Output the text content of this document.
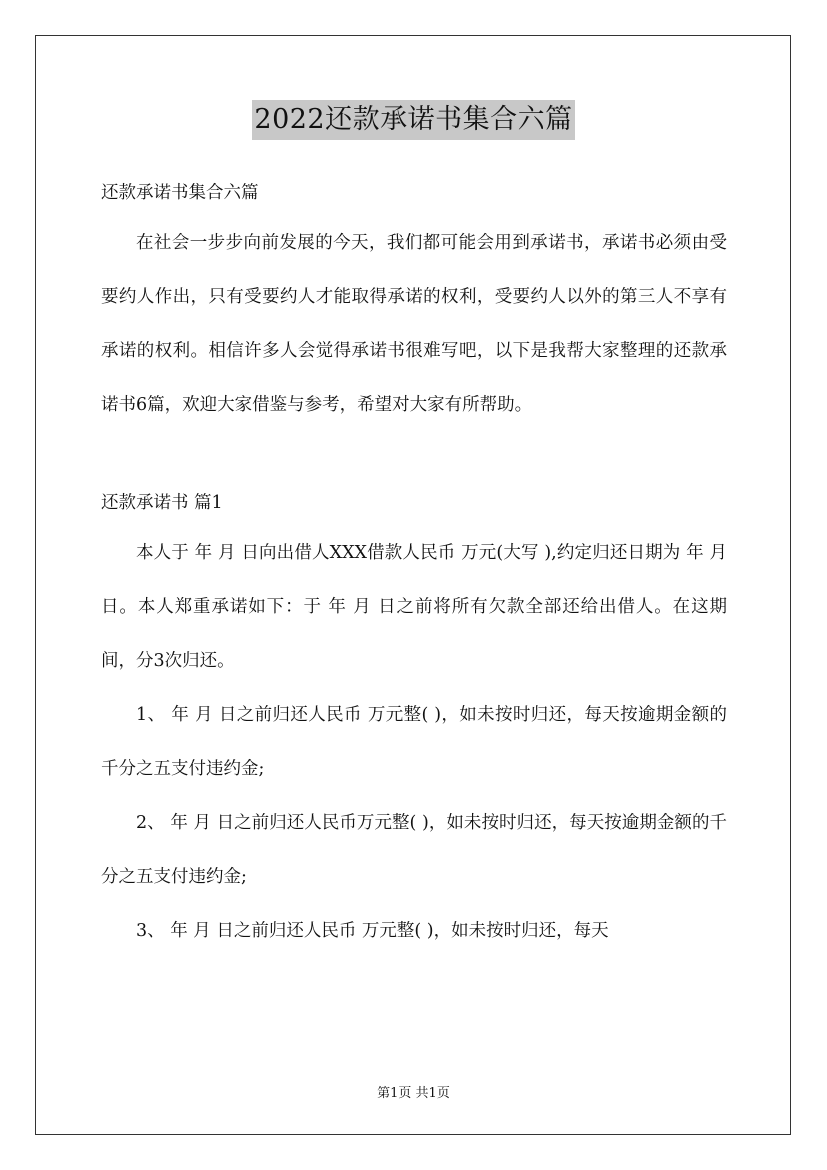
2022还款承诺书集合六篇
还款承诺书集合六篇
在社会一步步向前发展的今天，我们都可能会用到承诺书，承诺书必须由受要约人作出，只有受要约人才能取得承诺的权利，受要约人以外的第三人不享有承诺的权利。相信许多人会觉得承诺书很难写吧，以下是我帮大家整理的还款承诺书6篇，欢迎大家借鉴与参考，希望对大家有所帮助。
还款承诺书 篇1
本人于 年 月 日向出借人XXX借款人民币 万元(大写 ),约定归还日期为 年 月 日。本人郑重承诺如下：于 年 月 日之前将所有欠款全部还给出借人。在这期间，分3次归还。
1、 年 月 日之前归还人民币 万元整( )，如未按时归还，每天按逾期金额的千分之五支付违约金;
2、 年 月 日之前归还人民币万元整( )，如未按时归还，每天按逾期金额的千分之五支付违约金;
3、 年 月 日之前归还人民币 万元整( )，如未按时归还，每天
第1页 共1页
